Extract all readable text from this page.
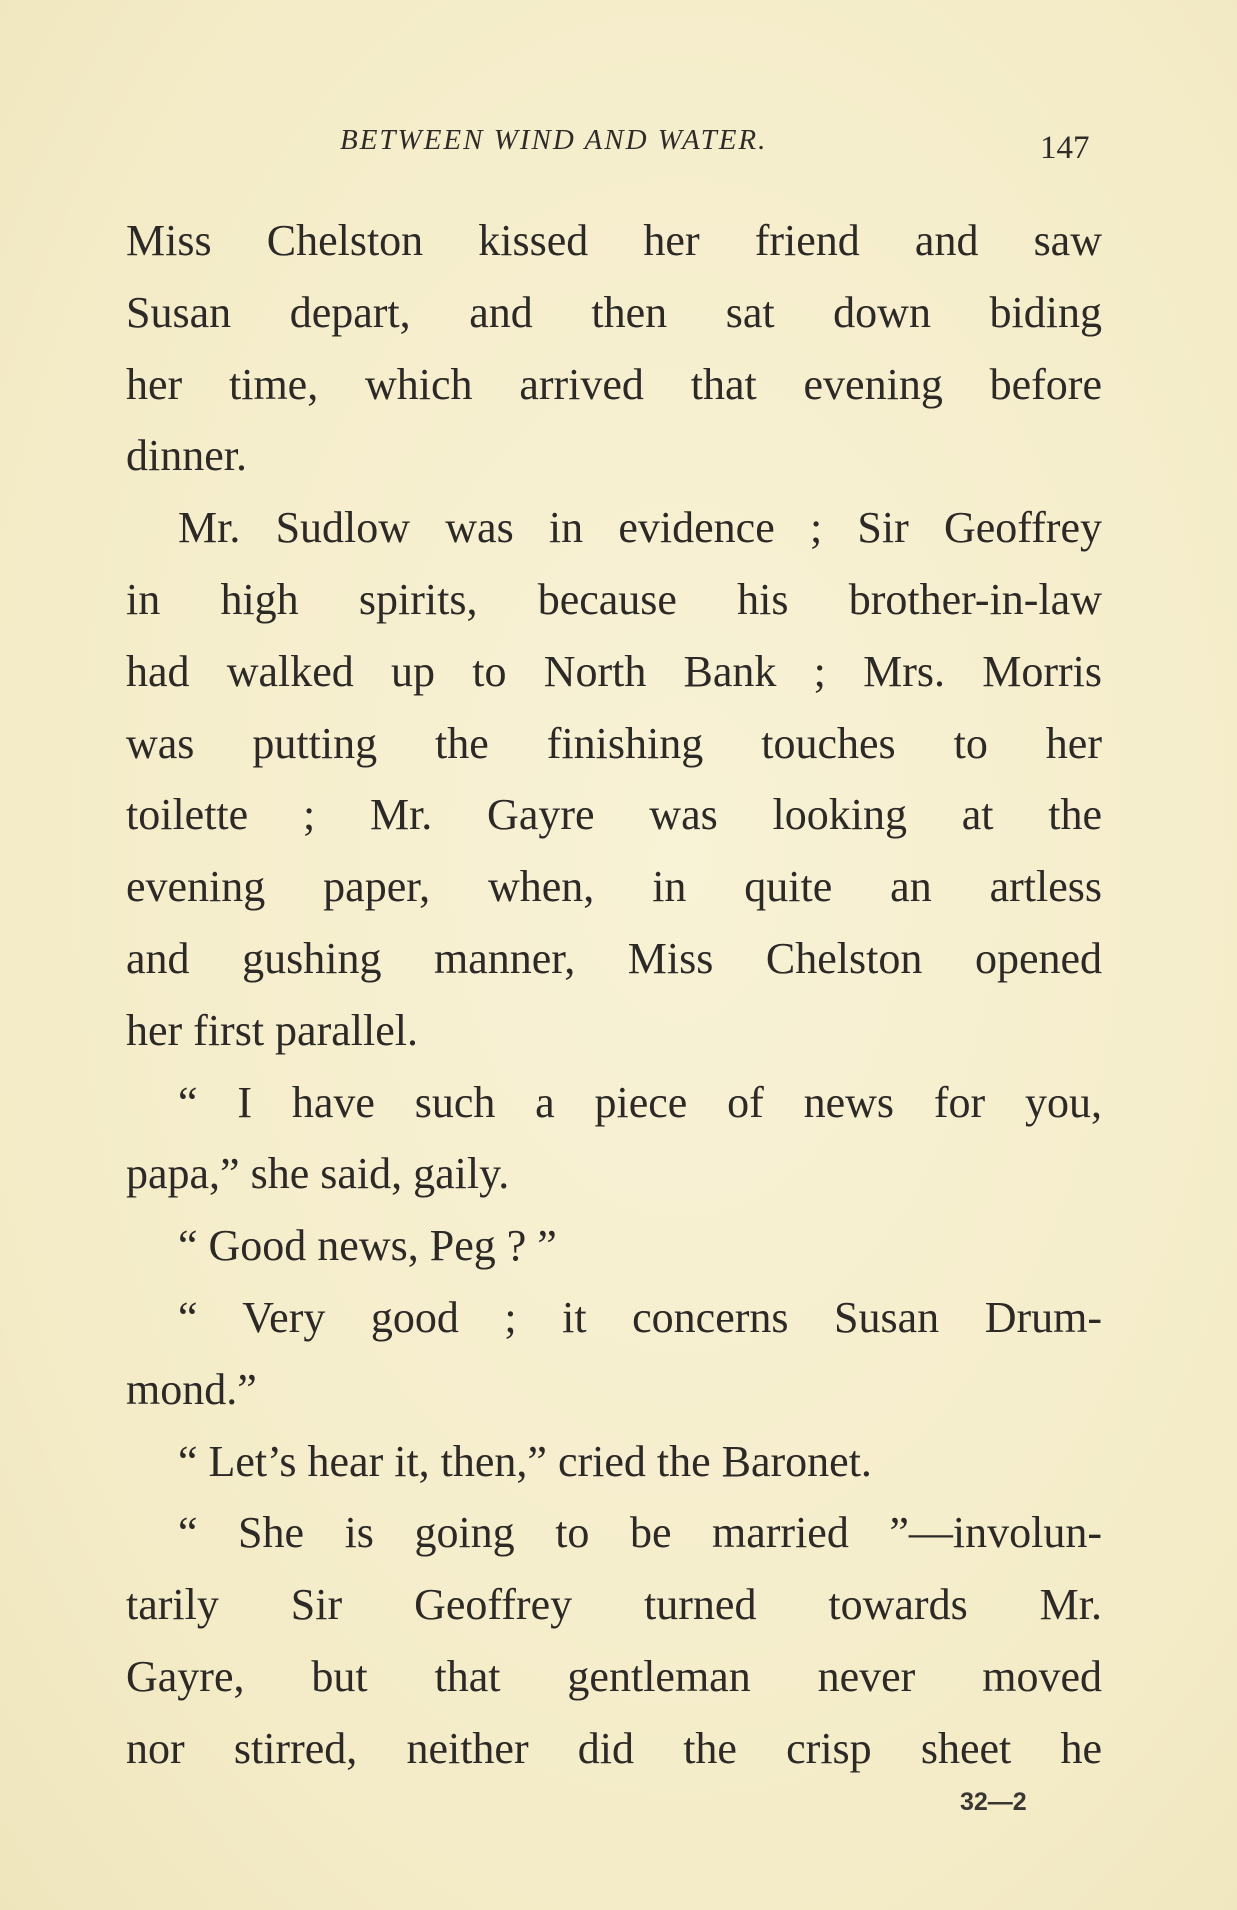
BETWEEN WIND AND WATER.	147
Miss Chelston kissed her friend and saw
Susan depart, and then sat down biding
her time, which arrived that evening before
dinner.
Mr. Sudlow was in evidence ; Sir Geoffrey
in high spirits, because his brother-in-law
had walked up to North Bank ; Mrs. Morris
was putting the finishing touches to her
toilette ; Mr. Gayre was looking at the
evening paper, when, in quite an artless
and gushing manner, Miss Chelston opened
her first parallel.
“ I have such a piece of news for you,
papa,” she said, gaily.
“ Good news, Peg ? ”
“ Very good ; it concerns Susan Drum-
mond.”
“ Let’s hear it, then,” cried the Baronet.
“ She is going to be married ”—involun-
tarily Sir Geoffrey turned towards Mr.
Gayre, but that gentleman never moved
nor stirred, neither did the crisp sheet he
32—2
